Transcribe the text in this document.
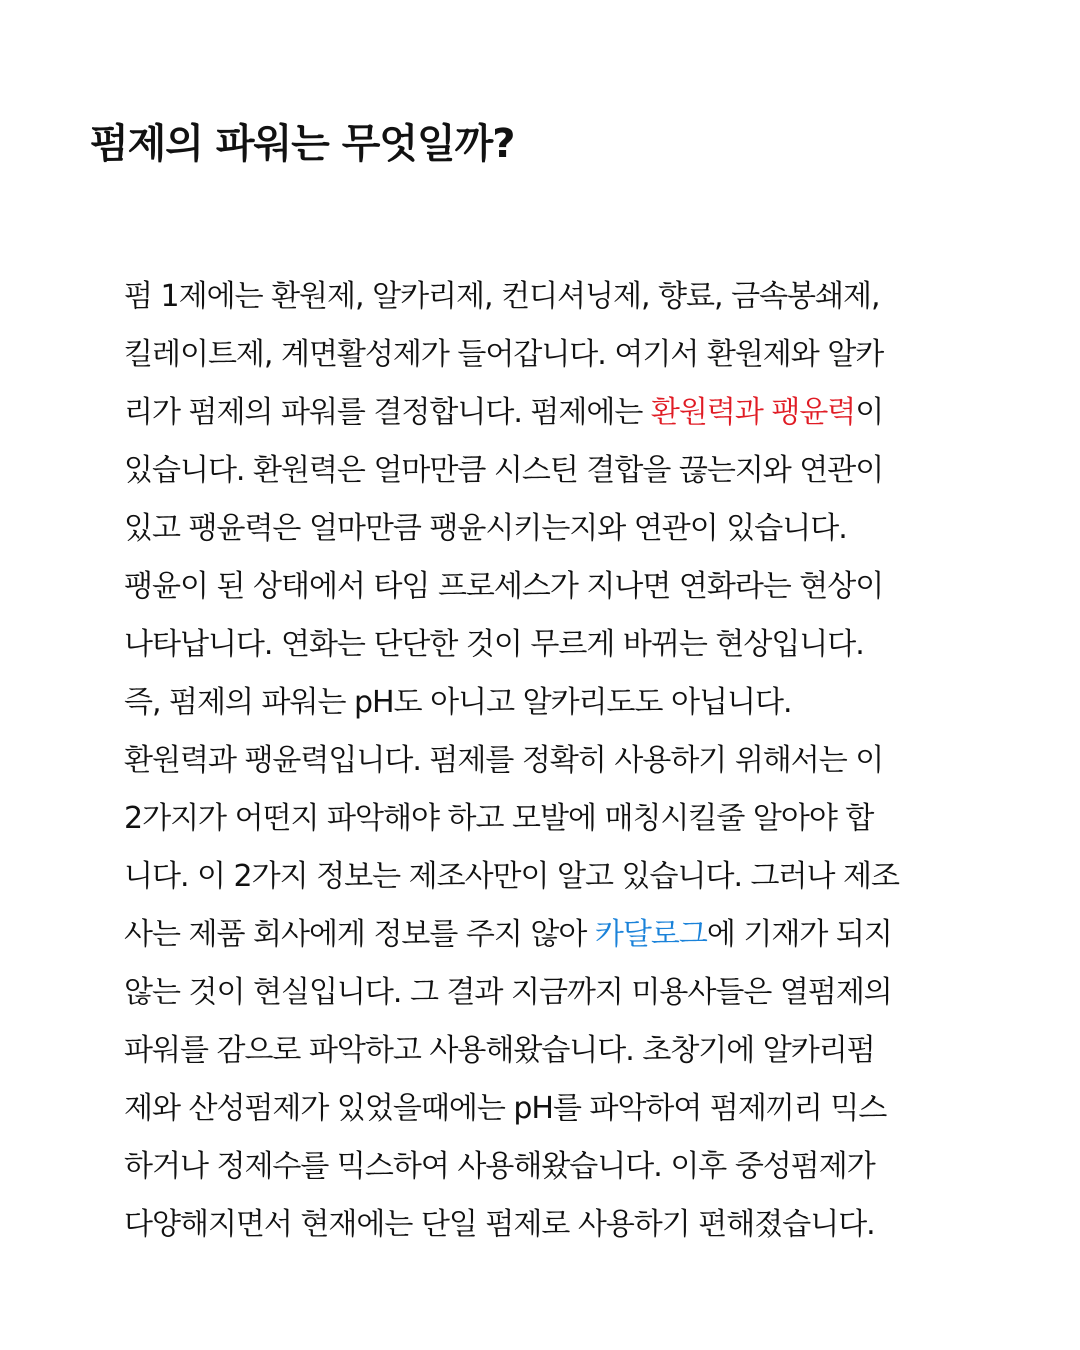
펌제의 파워는 무엇일까?
펌 1제에는 환원제, 알카리제, 컨디셔닝제, 향료, 금속봉쇄제,
킬레이트제, 계면활성제가 들어갑니다. 여기서 환원제와 알카
리가 펌제의 파워를 결정합니다. 펌제에는 환원력과 팽윤력이
있습니다. 환원력은 얼마만큼 시스틴 결합을 끊는지와 연관이
있고 팽윤력은 얼마만큼 팽윤시키는지와 연관이 있습니다.
팽윤이 된 상태에서 타임 프로세스가 지나면 연화라는 현상이
나타납니다. 연화는 단단한 것이 무르게 바뀌는 현상입니다.
즉, 펌제의 파워는 pH도 아니고 알카리도도 아닙니다.
환원력과 팽윤력입니다. 펌제를 정확히 사용하기 위해서는 이
2가지가 어떤지 파악해야 하고 모발에 매칭시킬줄 알아야 합
니다. 이 2가지 정보는 제조사만이 알고 있습니다. 그러나 제조
사는 제품 회사에게 정보를 주지 않아 카달로그에 기재가 되지
않는 것이 현실입니다. 그 결과 지금까지 미용사들은 열펌제의
파워를 감으로 파악하고 사용해왔습니다. 초창기에 알카리펌
제와 산성펌제가 있었을때에는 pH를 파악하여 펌제끼리 믹스
하거나 정제수를 믹스하여 사용해왔습니다. 이후 중성펌제가
다양해지면서 현재에는 단일 펌제로 사용하기 편해졌습니다.
